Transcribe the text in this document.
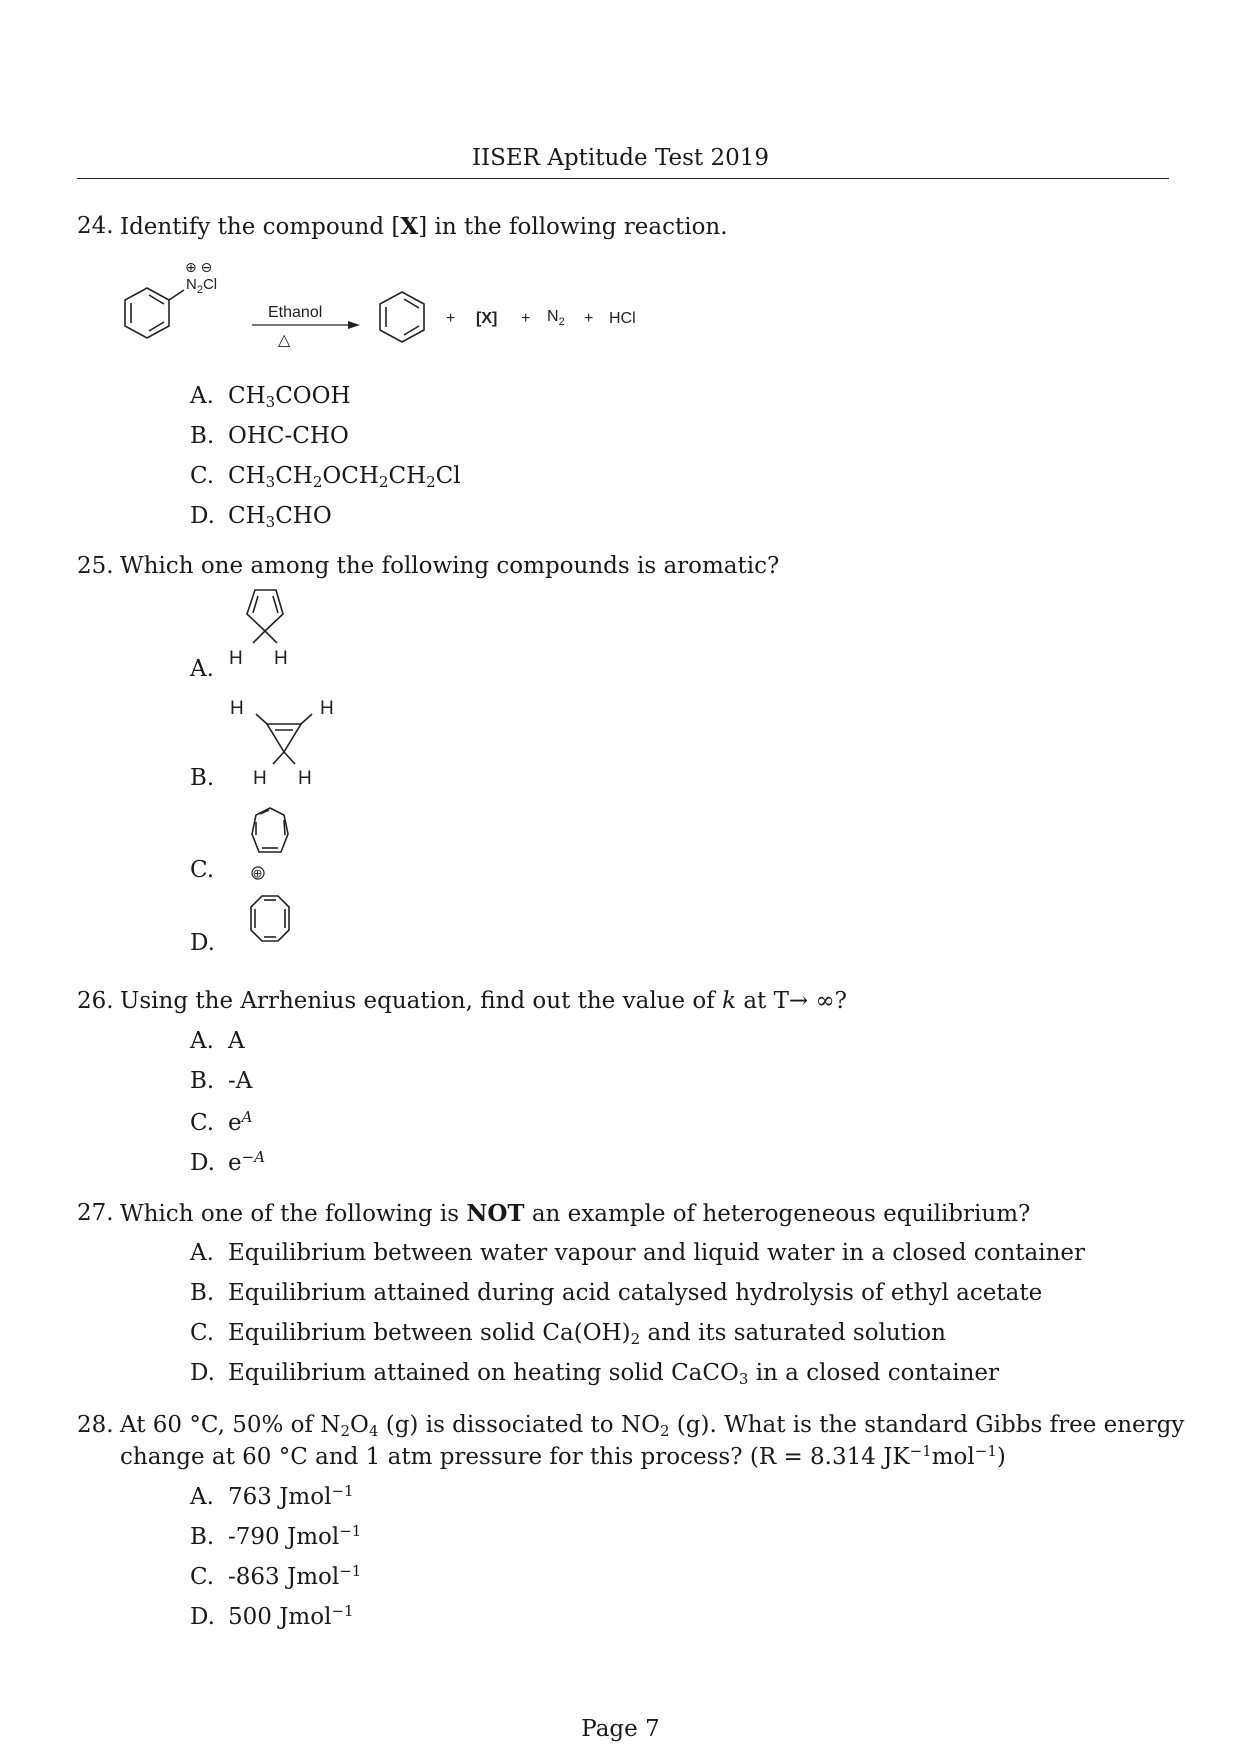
IISER Aptitude Test 2019
24. Identify the compound [X] in the following reaction.
$N_2Cl$
⊕ ⊖
Ethanol
△
+ $[X] + N_2$ + HCl
A. $CH_3COOH$
B. OHC-CHO
C. $CH_3CH_2OCH_2CH_2Cl$
D. $CH_3CHO$
25. Which one among the following compounds is aromatic?
A. H H
B.
H	H
H H
C.	⊕
D.
26. Using the Arrhenius equation, find out the value of k at T→ ∞?
A. A
B. -A
C. $e^A$
D. $e^{-A}$
27. Which one of the following is NOT an example of heterogeneous equilibrium?
A. Equilibrium between water vapour and liquid water in a closed container
B. Equilibrium attained during acid catalysed hydrolysis of ethyl acetate
C. Equilibrium between solid $Ca(OH)_2$ and its saturated solution
D. Equilibrium attained on heating solid CaCO$_3$ in a closed container
28. At 60 °C, 50% of $N_2O_4$ (g) is dissociated to $NO_2$ (g). What is the standard Gibbs free energy
change at 60 °C and 1 atm pressure for this process? (R = 8.314 $JK^{-1}mol^{-1}$)
A. 763 Jmol$^{-1}$
B. -790 Jmol$^{-1}$
C. -863 Jmol$^{-1}$
D. 500 Jmol$^{-1}$
Page 7
